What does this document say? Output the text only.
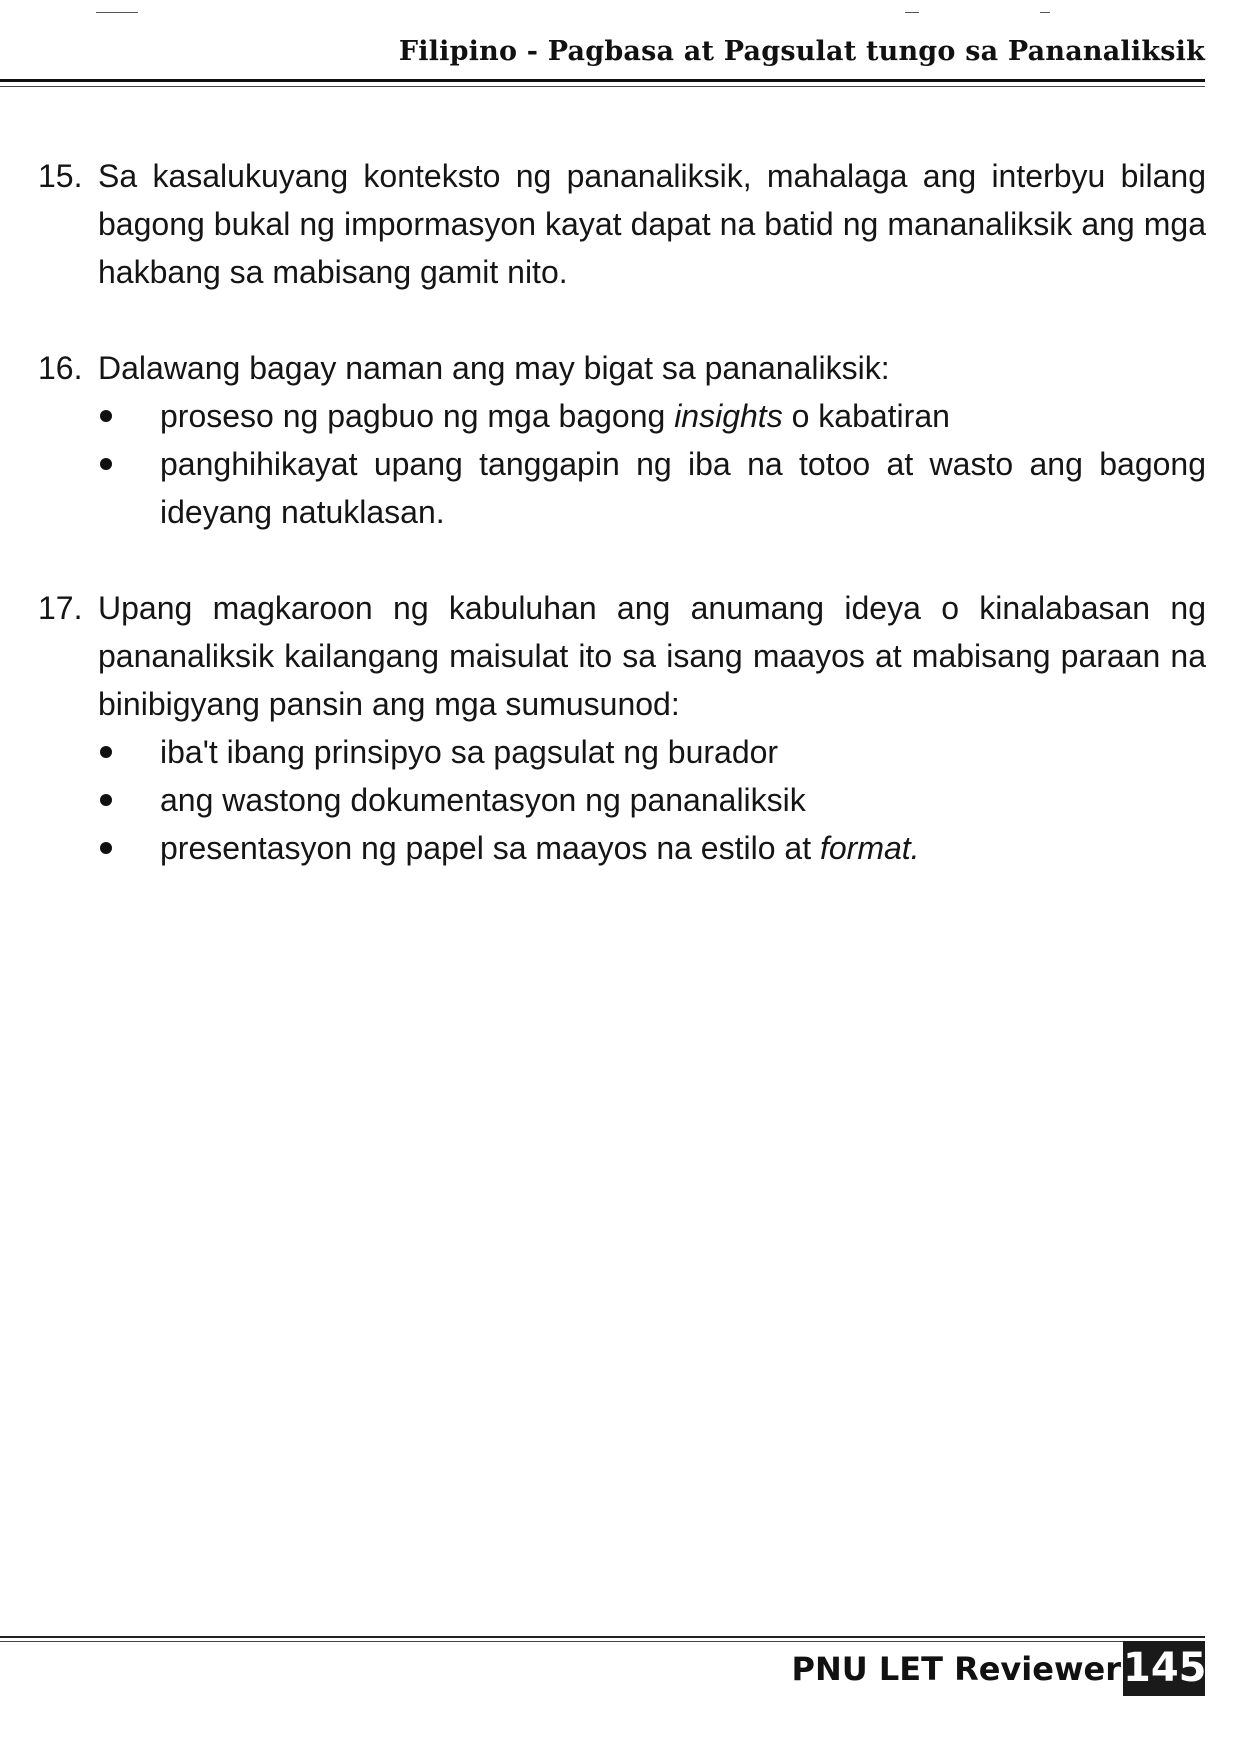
Filipino - Pagbasa at Pagsulat tungo sa Pananaliksik
15. Sa kasalukuyang konteksto ng pananaliksik, mahalaga ang interbyu bilang bagong bukal ng impormasyon kayat dapat na batid ng mananaliksik ang mga hakbang sa mabisang gamit nito.

16. Dalawang bagay naman ang may bigat sa pananaliksik:

proseso ng pagbuo ng mga bagong insights o kabatiran
panghihikayat upang tanggapin ng iba na totoo at wasto ang bagong ideyang natuklasan.
17. Upang magkaroon ng kabuluhan ang anumang ideya o kinalabasan ng pananaliksik kailangang maisulat ito sa isang maayos at mabisang paraan na binibigyang pansin ang mga sumusunod:

iba't ibang prinsipyo sa pagsulat ng burador
ang wastong dokumentasyon ng pananaliksik
presentasyon ng papel sa maayos na estilo at format.
PNU LET Reviewer 145
